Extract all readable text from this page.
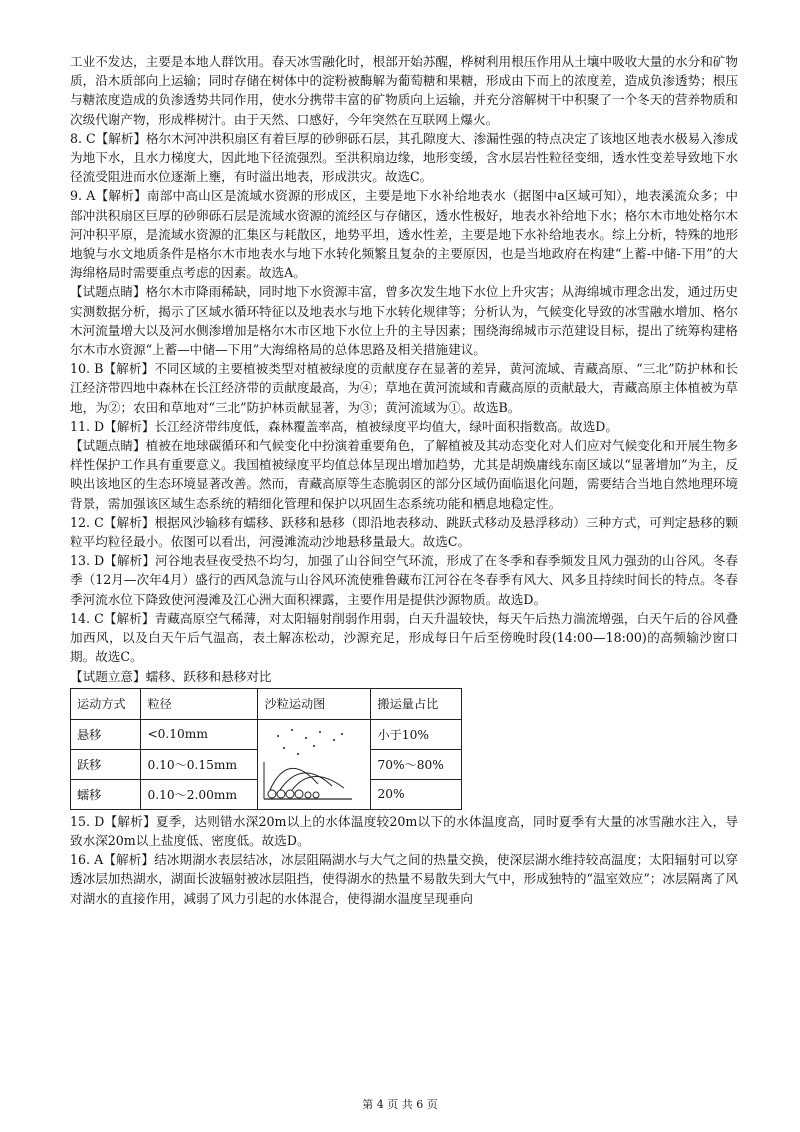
工业不发达，主要是本地人群饮用。春天冰雪融化时，根部开始苏醒，桦树利用根压作用从土壤中吸收大量的水分和矿物质，沿木质部向上运输；同时存储在树体中的淀粉被酶解为葡萄糖和果糖，形成由下而上的浓度差，造成负渗透势；根压与糖浓度造成的负渗透势共同作用，使水分携带丰富的矿物质向上运输，并充分溶解树干中积聚了一个冬天的营养物质和次级代谢产物，形成桦树汁。由于天然、口感好，今年突然在互联网上爆火。

8. C【解析】格尔木河冲洪积扇区有着巨厚的砂卵砾石层，其孔隙度大、渗漏性强的特点决定了该地区地表水极易入渗成为地下水，且水力梯度大，因此地下径流强烈。至洪积扇边缘，地形变缓，含水层岩性粒径变细，透水性变差导致地下水径流受阻进而水位逐渐上壅，有时溢出地表，形成洪灾。故选C。

9. A【解析】南部中高山区是流域水资源的形成区，主要是地下水补给地表水（据图中a区域可知），地表溪流众多；中部冲洪积扇区巨厚的砂卵砾石层是流域水资源的流经区与存储区，透水性极好，地表水补给地下水；格尔木市地处格尔木河冲积平原，是流域水资源的汇集区与耗散区，地势平坦，透水性差，主要是地下水补给地表水。综上分析，特殊的地形地貌与水文地质条件是格尔木市地表水与地下水转化频繁且复杂的主要原因，也是当地政府在构建“上蓄-中储-下用”的大海绵格局时需要重点考虑的因素。故选A。

【试题点睛】格尔木市降雨稀缺，同时地下水资源丰富，曾多次发生地下水位上升灾害；从海绵城市理念出发，通过历史实测数据分析，揭示了区域水循环特征以及地表水与地下水转化规律等；分析认为，气候变化导致的冰雪融水增加、格尔木河流量增大以及河水侧渗增加是格尔木市区地下水位上升的主导因素；围绕海绵城市示范建设目标，提出了统筹构建格尔木市水资源“上蓄—中储—下用”大海绵格局的总体思路及相关措施建议。

10. B【解析】不同区域的主要植被类型对植被绿度的贡献度存在显著的差异，黄河流域、青藏高原、“三北”防护林和长江经济带四地中森林在长江经济带的贡献度最高，为④；草地在黄河流域和青藏高原的贡献最大，青藏高原主体植被为草地，为②；农田和草地对“三北”防护林贡献显著，为③；黄河流域为①。故选B。

11. D【解析】长江经济带纬度低，森林覆盖率高，植被绿度平均值大，绿叶面积指数高。故选D。

【试题点睛】植被在地球碳循环和气候变化中扮演着重要角色，了解植被及其动态变化对人们应对气候变化和开展生物多样性保护工作具有重要意义。我国植被绿度平均值总体呈现出增加趋势，尤其是胡焕庸线东南区域以“显著增加”为主，反映出该地区的生态环境显著改善。然而，青藏高原等生态脆弱区的部分区域仍面临退化问题，需要结合当地自然地理环境背景，需加强该区域生态系统的精细化管理和保护以巩固生态系统功能和栖息地稳定性。

12. C【解析】根据风沙输移有蠕移、跃移和悬移（即沿地表移动、跳跃式移动及悬浮移动）三种方式，可判定悬移的颗粒平均粒径最小。依图可以看出，河漫滩流动沙地悬移量最大。故选C。

13. D【解析】河谷地表昼夜受热不均匀，加强了山谷间空气环流，形成了在冬季和春季频发且风力强劲的山谷风。冬春季（12月—次年4月）盛行的西风急流与山谷风环流使雅鲁藏布江河谷在冬春季有风大、风多且持续时间长的特点。冬春季河流水位下降致使河漫滩及江心洲大面积裸露，主要作用是提供沙源物质。故选D。

14. C【解析】青藏高原空气稀薄，对太阳辐射削弱作用弱，白天升温较快，每天午后热力湍流增强，白天午后的谷风叠加西风，以及白天午后气温高，表土解冻松动，沙源充足，形成每日午后至傍晚时段(14:00—18:00)的高频输沙窗口期。故选C。

【试题立意】蠕移、跃移和悬移对比

运动方式	粒径	沙粒运动图	搬运量占比
悬移	<0.10mm		小于10%
跃移	0.10～0.15mm		70%～80%
蠕移	0.10～2.00mm		20%

15. D【解析】夏季，达则错水深20m以上的水体温度较20m以下的水体温度高，同时夏季有大量的冰雪融水注入，导致水深20m以上盐度低、密度低。故选D。

16. A【解析】结冰期湖水表层结冰，冰层阻隔湖水与大气之间的热量交换，使深层湖水维持较高温度；太阳辐射可以穿透冰层加热湖水，湖面长波辐射被冰层阻挡，使得湖水的热量不易散失到大气中，形成独特的“温室效应”；冰层隔离了风对湖水的直接作用，减弱了风力引起的水体混合，使得湖水温度呈现垂向

第 4 页 共 6 页
